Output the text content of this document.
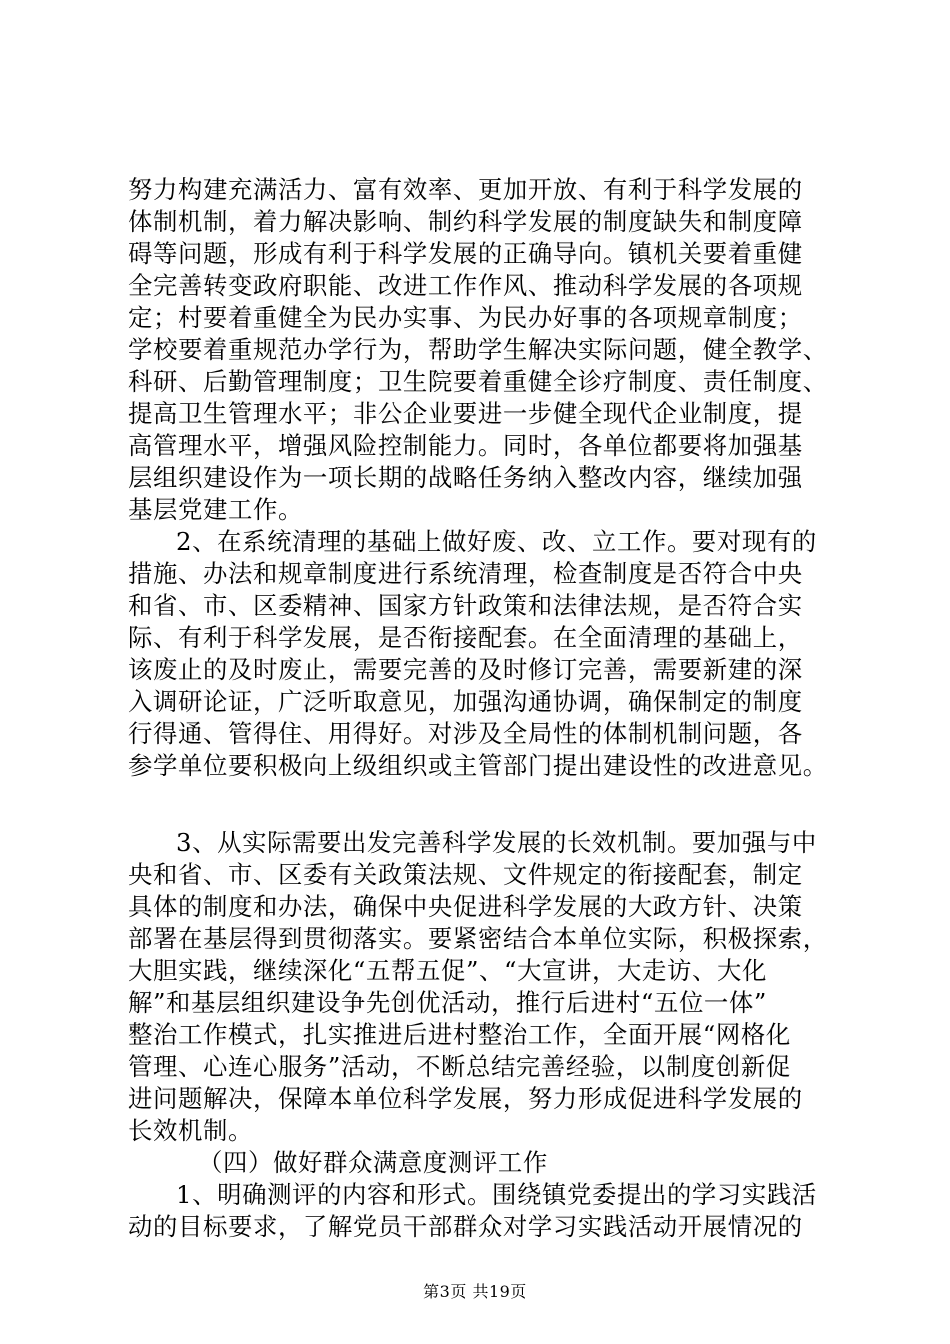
努力构建充满活力、富有效率、更加开放、有利于科学发展的
体制机制，着力解决影响、制约科学发展的制度缺失和制度障
碍等问题，形成有利于科学发展的正确导向。镇机关要着重健
全完善转变政府职能、改进工作作风、推动科学发展的各项规
定；村要着重健全为民办实事、为民办好事的各项规章制度；
学校要着重规范办学行为，帮助学生解决实际问题，健全教学、
科研、后勤管理制度；卫生院要着重健全诊疗制度、责任制度、
提高卫生管理水平；非公企业要进一步健全现代企业制度，提
高管理水平，增强风险控制能力。同时，各单位都要将加强基
层组织建设作为一项长期的战略任务纳入整改内容，继续加强
基层党建工作。
2、在系统清理的基础上做好废、改、立工作。要对现有的
措施、办法和规章制度进行系统清理，检查制度是否符合中央
和省、市、区委精神、国家方针政策和法律法规，是否符合实
际、有利于科学发展，是否衔接配套。在全面清理的基础上，
该废止的及时废止，需要完善的及时修订完善，需要新建的深
入调研论证，广泛听取意见，加强沟通协调，确保制定的制度
行得通、管得住、用得好。对涉及全局性的体制机制问题，各
参学单位要积极向上级组织或主管部门提出建设性的改进意见。
3、从实际需要出发完善科学发展的长效机制。要加强与中
央和省、市、区委有关政策法规、文件规定的衔接配套，制定
具体的制度和办法，确保中央促进科学发展的大政方针、决策
部署在基层得到贯彻落实。要紧密结合本单位实际，积极探索，
大胆实践，继续深化“五帮五促”、“大宣讲，大走访、大化
解”和基层组织建设争先创优活动，推行后进村“五位一体”
整治工作模式，扎实推进后进村整治工作，全面开展“网格化
管理、心连心服务”活动，不断总结完善经验，以制度创新促
进问题解决，保障本单位科学发展，努力形成促进科学发展的
长效机制。
（四）做好群众满意度测评工作
1、明确测评的内容和形式。围绕镇党委提出的学习实践活
动的目标要求，了解党员干部群众对学习实践活动开展情况的
第3页 共19页
